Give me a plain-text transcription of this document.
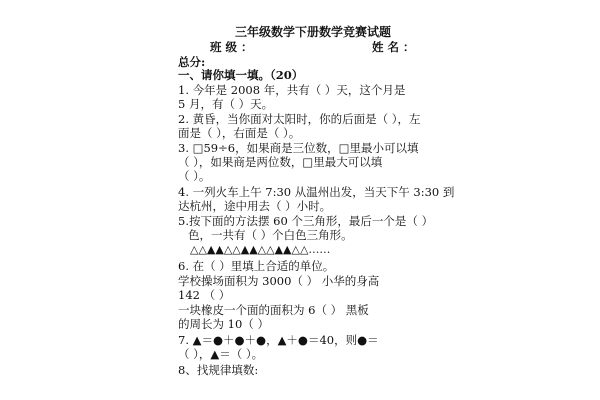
三年级数学下册数学竞赛试题
班 级 ：	姓 名 ：
总分:
一、请你填一填。（20）
1. 今年是 2008 年，共有（ ）天，这个月是
5 月，有（ ）天。
2. 黄昏，当你面对太阳时，你的后面是（ ），左
面是（ ），右面是（ ）。
3. □59÷6，如果商是三位数，□里最小可以填
（ ），如果商是两位数，□里最大可以填
（ ）。
4. 一列火车上午 7:30 从温州出发，当天下午 3:30 到
达杭州，途中用去（ ）小时。
5.按下面的方法摆 60 个三角形，最后一个是（ ）
色，一共有（ ）个白色三角形。
△△▲▲△△▲▲△△▲▲△△……
6. 在（ ）里填上合适的单位。
学校操场面积为 3000（ ） 小华的身高
142 （ ）
一块橡皮一个面的面积为 6（ ） 黑板
的周长为 10（ ）
7. ▲＝●＋●＋●，▲＋●＝40，则●＝
（ ），▲＝（ ）。
8、找规律填数:
